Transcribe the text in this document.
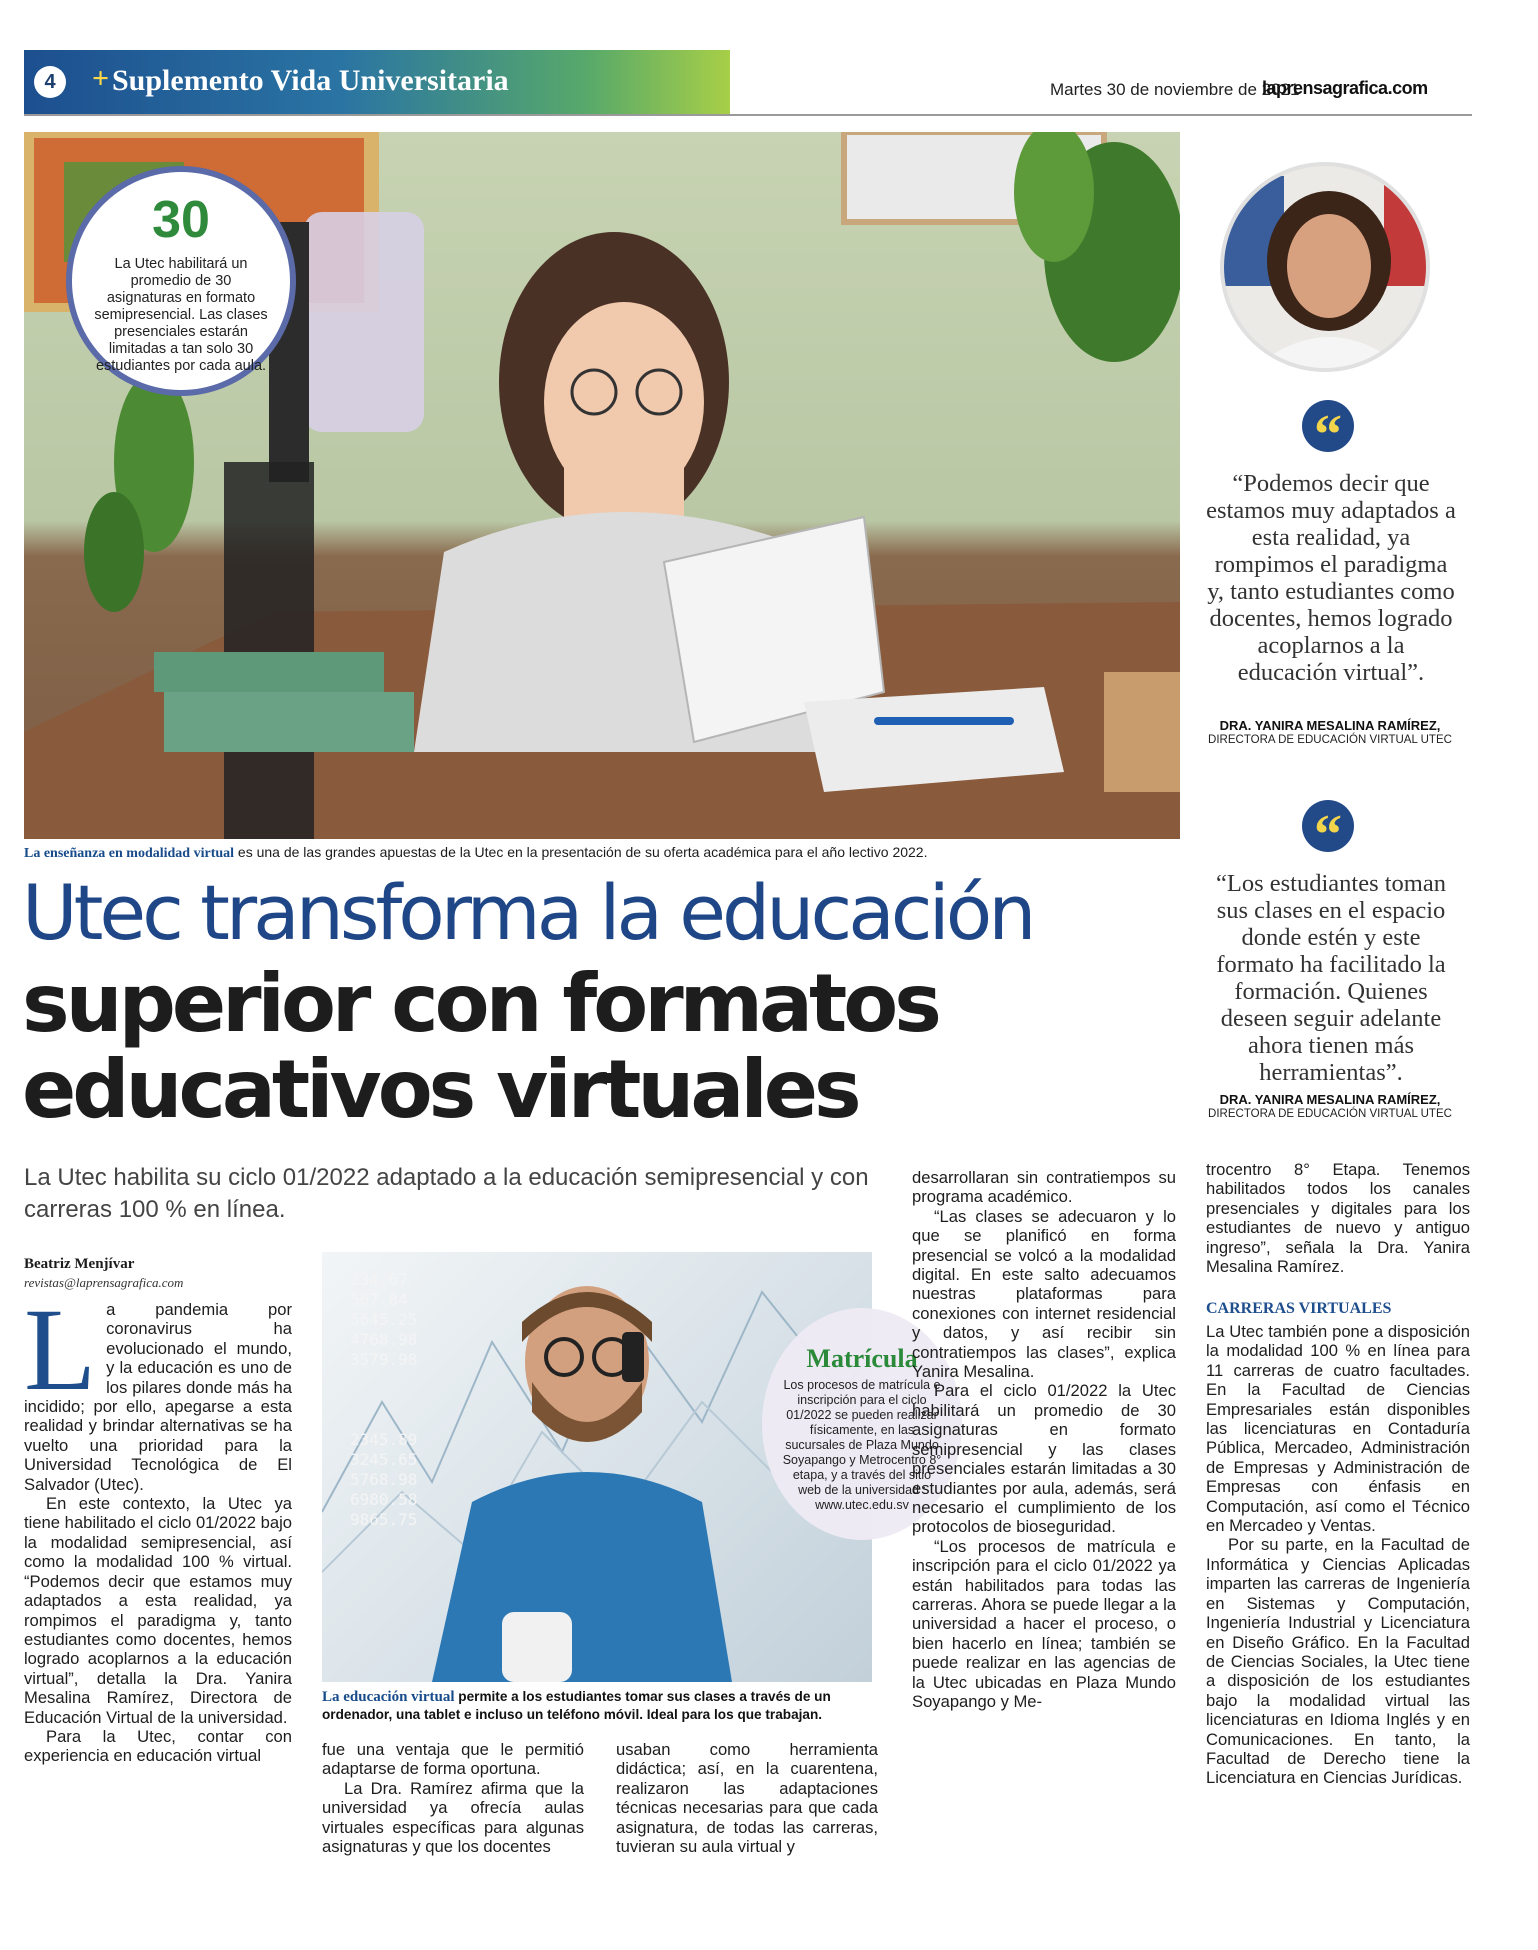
4	+ Suplemento Vida Universitaria	Martes 30 de noviembre de 2021
laprensagrafica.com
30
La Utec habilitará un promedio de 30 asignaturas en formato semipresencial. Las clases presenciales estarán limitadas a tan solo 30 estudiantes por cada aula.
La enseñanza en modalidad virtual es una de las grandes apuestas de la Utec en la presentación de su oferta académica para el año lectivo 2022.
Utec transforma la educación
superior con formatos
educativos virtuales
La Utec habilita su ciclo 01/2022 adaptado a la educación semipresencial y con carreras 100 % en línea.
“
“Podemos decir que estamos muy adaptados a esta realidad, ya rompimos el paradigma y, tanto estudiantes como docentes, hemos logrado acoplarnos a la educación virtual”.
DRA. YANIRA MESALINA RAMÍREZ,
DIRECTORA DE EDUCACIÓN VIRTUAL UTEC
“
“Los estudiantes toman sus clases en el espacio donde estén y este formato ha facilitado la formación. Quienes deseen seguir adelante ahora tienen más herramientas”.
DRA. YANIRA MESALINA RAMÍREZ,
DIRECTORA DE EDUCACIÓN VIRTUAL UTEC
Beatriz Menjívar
revistas@laprensagrafica.com

La pandemia por coronavirus ha evolucionado el mundo, y la educación es uno de los pilares donde más ha incidido; por ello, apegarse a esta realidad y brindar alternativas se ha vuelto una prioridad para la Universidad Tecnológica de El Salvador (Utec).

En este contexto, la Utec ya tiene habilitado el ciclo 01/2022 bajo la modalidad semipresencial, así como la modalidad 100 % virtual. “Podemos decir que estamos muy adaptados a esta realidad, ya rompimos el paradigma y, tanto estudiantes como docentes, hemos logrado acoplarnos a la educación virtual”, detalla la Dra. Yanira Mesalina Ramírez, Directora de Educación Virtual de la universidad.

Para la Utec, contar con experiencia en educación virtual

234.67
567.84
5645.25
4768.98
3579.98
2345.89
3245.65
5768.98
6980.58
9865.75
Matrícula
Los procesos de matrícula e inscripción para el ciclo 01/2022 se pueden realizar físicamente, en las sucursales de Plaza Mundo Soyapango y Metrocentro 8° etapa, y a través del sitio web de la universidad :
www.utec.edu.sv
La educación virtual permite a los estudiantes tomar sus clases a través de un ordenador, una tablet e incluso un teléfono móvil. Ideal para los que trabajan.

fue una ventaja que le permitió adaptarse de forma oportuna.

La Dra. Ramírez afirma que la universidad ya ofrecía aulas virtuales específicas para algunas asignaturas y que los docentes

usaban como herramienta didáctica; así, en la cuarentena, realizaron las adaptaciones técnicas necesarias para que cada asignatura, de todas las carreras, tuvieran su aula virtual y

desarrollaran sin contratiempos su programa académico.

“Las clases se adecuaron y lo que se planificó en forma presencial se volcó a la modalidad digital. En este salto adecuamos nuestras plataformas para conexiones con internet residencial y datos, y así recibir sin contratiempos las clases”, explica Yanira Mesalina.

Para el ciclo 01/2022 la Utec habilitará un promedio de 30 asignaturas en formato semipresencial y las clases presenciales estarán limitadas a 30 estudiantes por aula, además, será necesario el cumplimiento de los protocolos de bioseguridad.

“Los procesos de matrícula e inscripción para el ciclo 01/2022 ya están habilitados para todas las carreras. Ahora se puede llegar a la universidad a hacer el proceso, o bien hacerlo en línea; también se puede realizar en las agencias de la Utec ubicadas en Plaza Mundo Soyapango y Me-

trocentro 8° Etapa. Tenemos habilitados todos los canales presenciales y digitales para los estudiantes de nuevo y antiguo ingreso”, señala la Dra. Yanira Mesalina Ramírez.

CARRERAS VIRTUALES

La Utec también pone a disposición la modalidad 100 % en línea para 11 carreras de cuatro facultades. En la Facultad de Ciencias Empresariales están disponibles las licenciaturas en Contaduría Pública, Mercadeo, Administración de Empresas y Administración de Empresas con énfasis en Computación, así como el Técnico en Mercadeo y Ventas.

Por su parte, en la Facultad de Informática y Ciencias Aplicadas imparten las carreras de Ingeniería en Sistemas y Computación, Ingeniería Industrial y Licenciatura en Diseño Gráfico. En la Facultad de Ciencias Sociales, la Utec tiene a disposición de los estudiantes bajo la modalidad virtual las licenciaturas en Idioma Inglés y en Comunicaciones. En tanto, la Facultad de Derecho tiene la Licenciatura en Ciencias Jurídicas.
